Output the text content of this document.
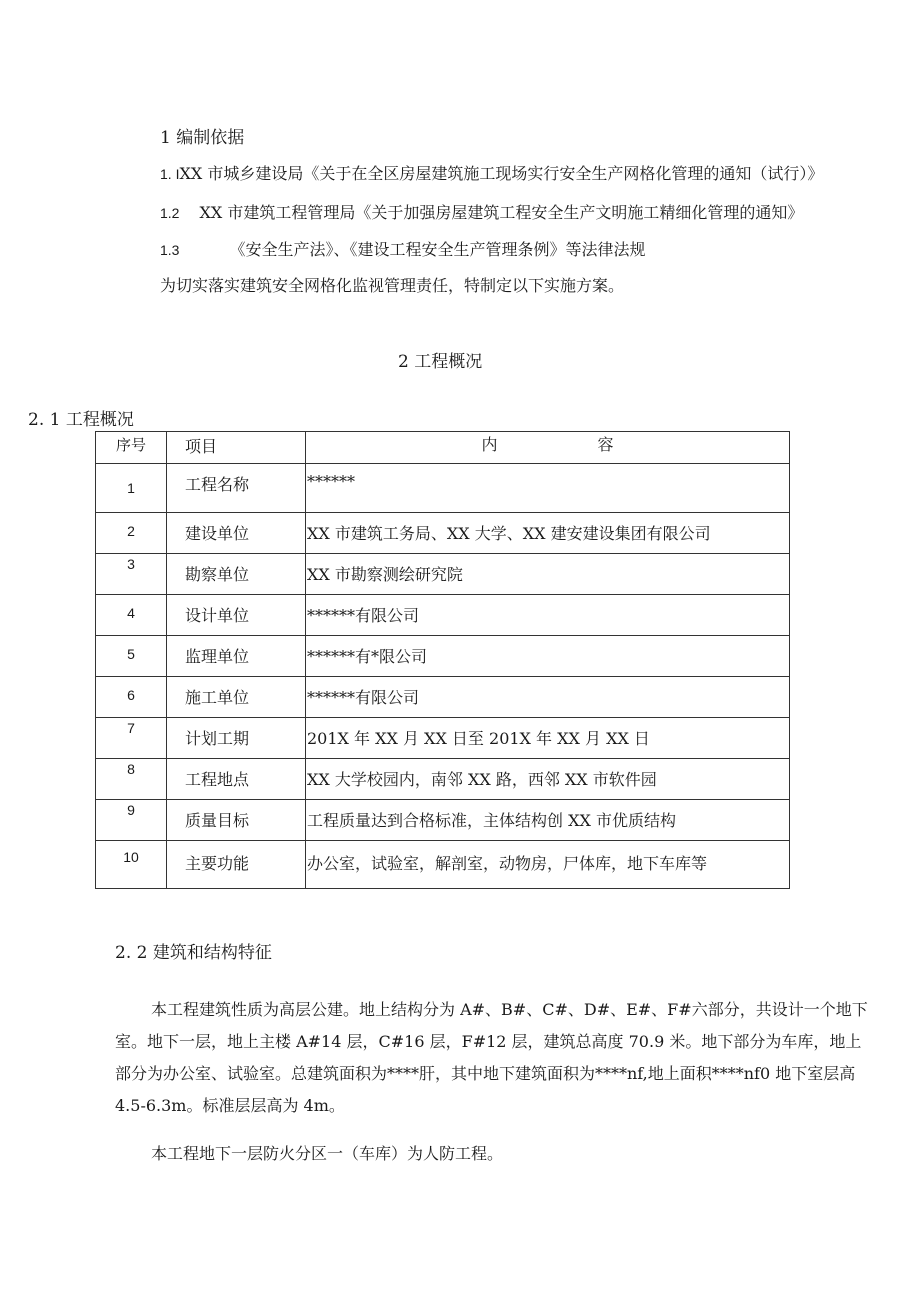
1 编制依据
1. IXX 市城乡建设局《关于在全区房屋建筑施工现场实行安全生产网格化管理的通知（试行）》
1.2 XX 市建筑工程管理局《关于加强房屋建筑工程安全生产文明施工精细化管理的通知》
1.3	《安全生产法》、《建设工程安全生产管理条例》等法律法规
为切实落实建筑安全网格化监视管理责任，特制定以下实施方案。
2 工程概况
2. 1 工程概况
序号	项目	内 容
1	工程名称	******
2	建设单位	XX 市建筑工务局、XX 大学、XX 建安建设集团有限公司
3	勘察单位	XX 市勘察测绘研究院
4	设计单位	******有限公司
5	监理单位	******有*限公司
6	施工单位	******有限公司
7	计划工期	201X 年 XX 月 XX 日至 201X 年 XX 月 XX 日
8	工程地点	XX 大学校园内，南邻 XX 路，西邻 XX 市软件园
9	质量目标	工程质量达到合格标准，主体结构创 XX 市优质结构
10	主要功能	办公室，试验室，解剖室，动物房，尸体库，地下车库等
2. 2 建筑和结构特征
本工程建筑性质为高层公建。地上结构分为 A#、B#、C#、D#、E#、F#六部分，共设计一个地下室。地下一层，地上主楼 A#14 层，C#16 层，F#12 层，建筑总高度 70.9 米。地下部分为车库，地上部分为办公室、试验室。总建筑面积为****肝，其中地下建筑面积为****nf,地上面积****nf0 地下室层高 4.5-6.3m。标准层层高为 4m。
本工程地下一层防火分区一（车库）为人防工程。
